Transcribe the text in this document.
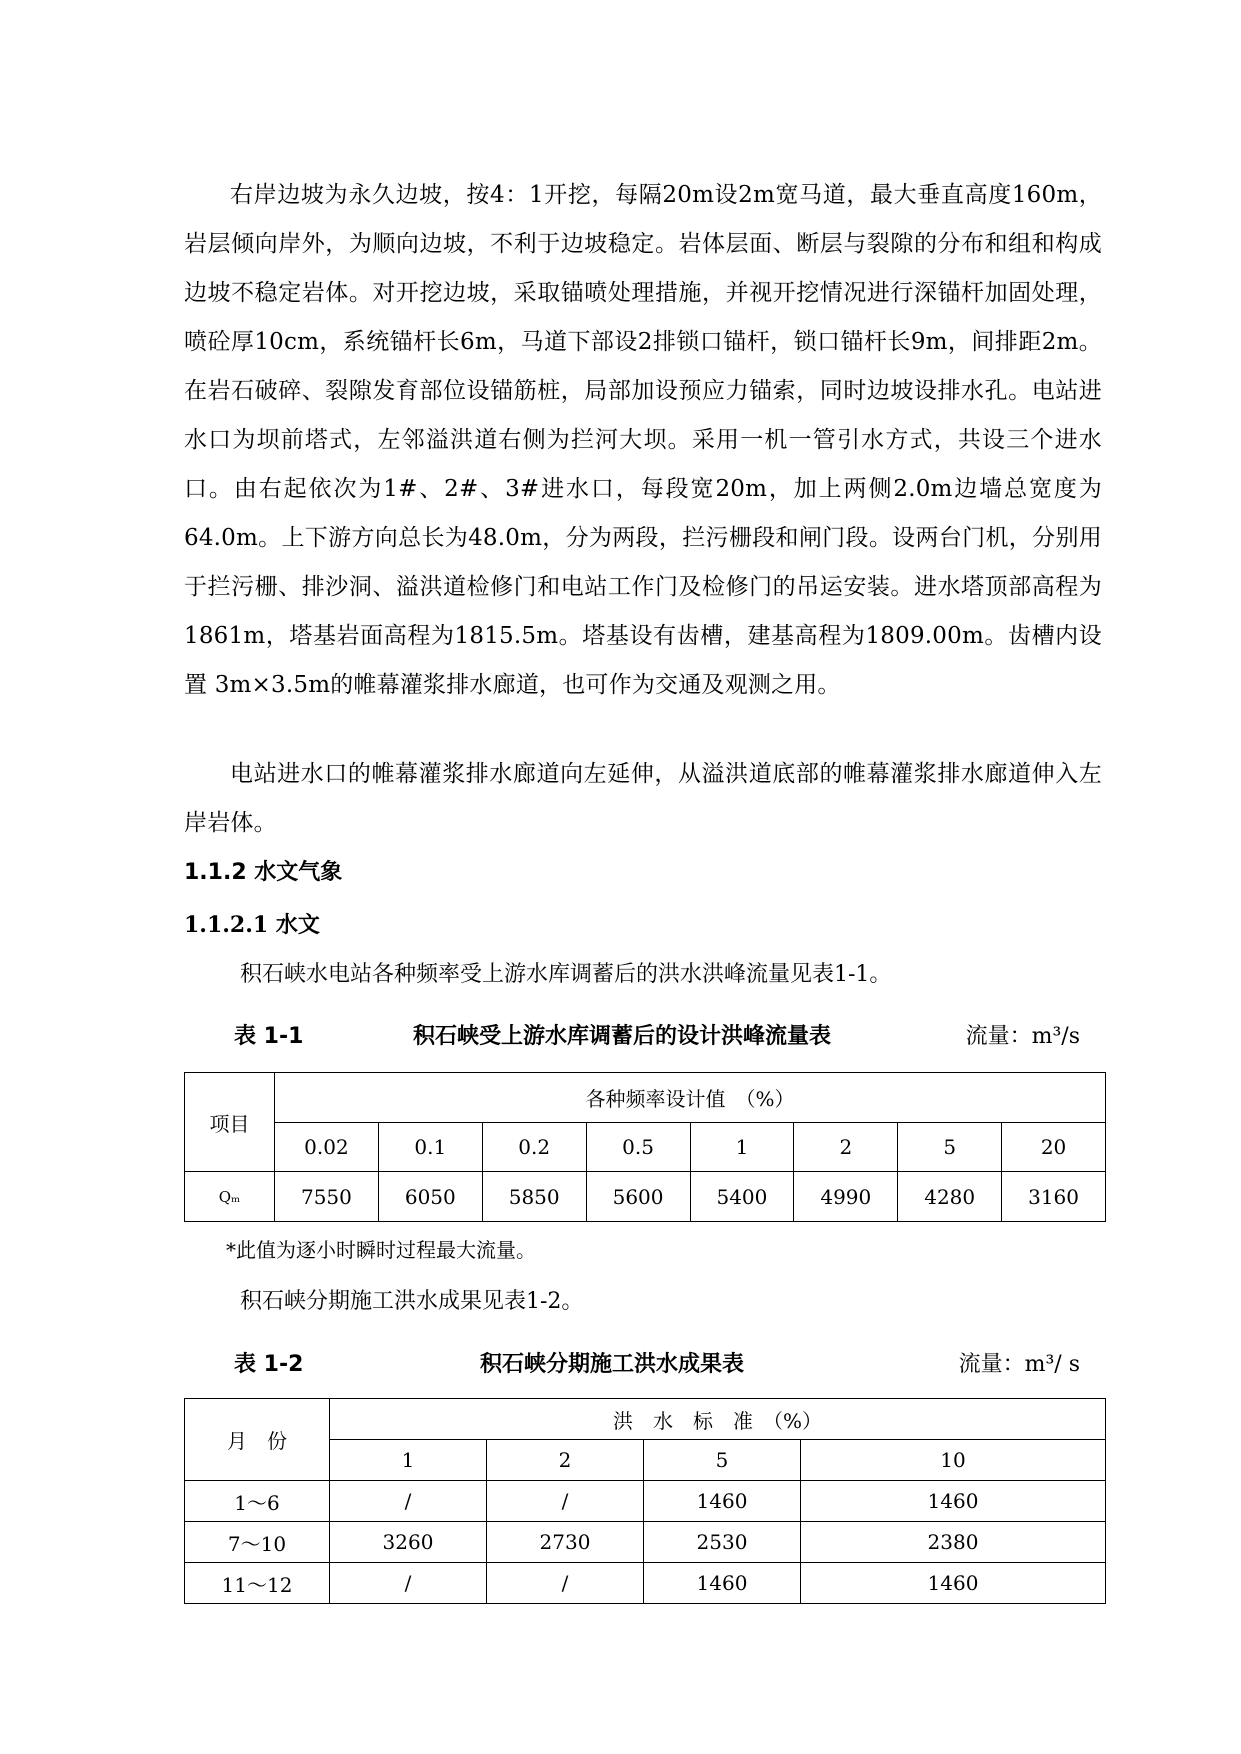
右岸边坡为永久边坡，按4：1开挖，每隔20m设2m宽马道，最大垂直高度160m，岩层倾向岸外，为顺向边坡，不利于边坡稳定。岩体层面、断层与裂隙的分布和组和构成边坡不稳定岩体。对开挖边坡，采取锚喷处理措施，并视开挖情况进行深锚杆加固处理，喷砼厚10cm，系统锚杆长6m，马道下部设2排锁口锚杆，锁口锚杆长9m，间排距2m。在岩石破碎、裂隙发育部位设锚筋桩，局部加设预应力锚索，同时边坡设排水孔。电站进水口为坝前塔式，左邻溢洪道右侧为拦河大坝。采用一机一管引水方式，共设三个进水口。由右起依次为1#、2#、3#进水口，每段宽20m，加上两侧2.0m边墙总宽度为64.0m。上下游方向总长为48.0m，分为两段，拦污栅段和闸门段。设两台门机，分别用于拦污栅、排沙洞、溢洪道检修门和电站工作门及检修门的吊运安装。进水塔顶部高程为1861m，塔基岩面高程为1815.5m。塔基设有齿槽，建基高程为1809.00m。齿槽内设置 3m×3.5m的帷幕灌浆排水廊道，也可作为交通及观测之用。

电站进水口的帷幕灌浆排水廊道向左延伸，从溢洪道底部的帷幕灌浆排水廊道伸入左岸岩体。

1.1.2 水文气象
1.1.2.1 水文

积石峡水电站各种频率受上游水库调蓄后的洪水洪峰流量见表1-1。

表 1-1	积石峡受上游水库调蓄后的设计洪峰流量表	流量：m³/s
项目	各种频率设计值　（%）							
	0.02	0.1	0.2	0.5	1	2	5	20
Qₘ	7550	6050	5850	5600	5400	4990	4280	3160

*此值为逐小时瞬时过程最大流量。

积石峡分期施工洪水成果见表1-2。

表 1-2	积石峡分期施工洪水成果表	流量：m³/ s
月　份	洪　水　标　准　（%）			
	1	2	5	10
1～6	/	/	1460	1460
7～10	3260	2730	2530	2380
11～12	/	/	1460	1460
